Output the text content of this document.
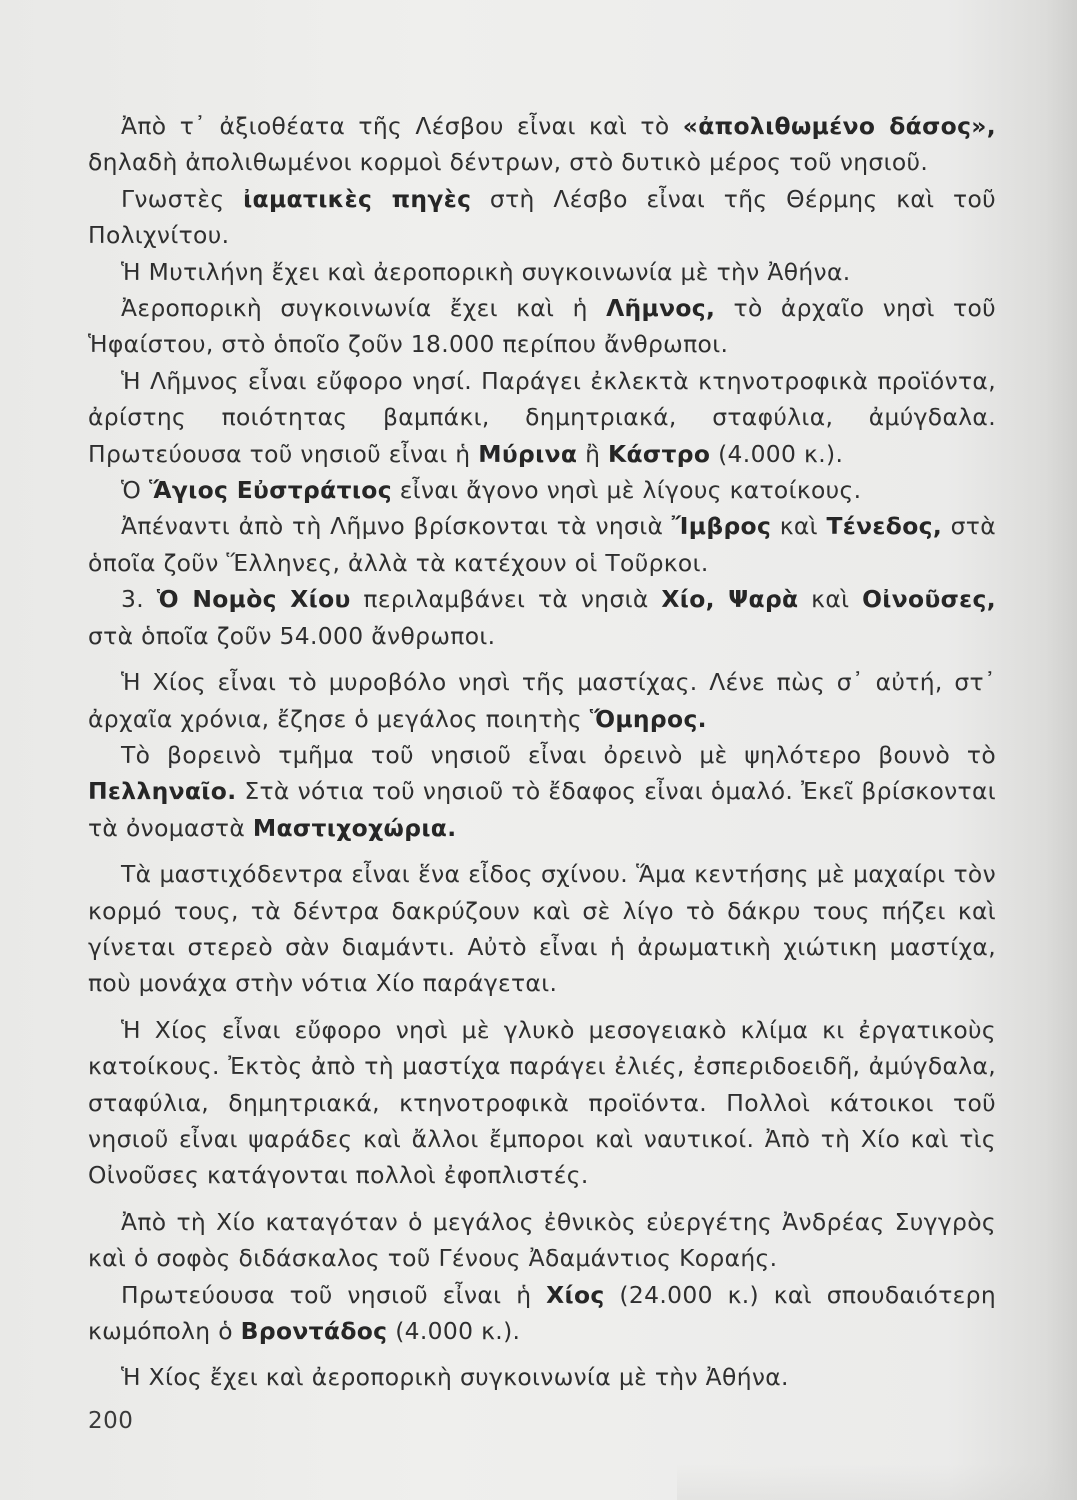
Ἀπὸ τ᾿ ἀξιοθέατα τῆς Λέσβου εἶναι καὶ τὸ «ἀπολιθωμένο δάσος», δηλαδὴ ἀπολιθωμένοι κορμοὶ δέντρων, στὸ δυτικὸ μέρος τοῦ νησιοῦ.

Γνωστὲς ἰαματικὲς πηγὲς στὴ Λέσβο εἶναι τῆς Θέρμης καὶ τοῦ Πολιχνίτου.

Ἡ Μυτιλήνη ἔχει καὶ ἀεροπορικὴ συγκοινωνία μὲ τὴν Ἀθήνα.

Ἀεροπορικὴ συγκοινωνία ἔχει καὶ ἡ Λῆμνος, τὸ ἀρχαῖο νησὶ τοῦ Ἡφαίστου, στὸ ὁποῖο ζοῦν 18.000 περίπου ἄνθρωποι.

Ἡ Λῆμνος εἶναι εὔφορο νησί. Παράγει ἐκλεκτὰ κτηνοτροφικὰ προϊόντα, ἀρίστης ποιότητας βαμπάκι, δημητριακά, σταφύλια, ἀμύγδαλα. Πρωτεύουσα τοῦ νησιοῦ εἶναι ἡ Μύρινα ἢ Κάστρο (4.000 κ.).

Ὁ Ἅγιος Εὐστράτιος εἶναι ἄγονο νησὶ μὲ λίγους κατοίκους.

Ἀπέναντι ἀπὸ τὴ Λῆμνο βρίσκονται τὰ νησιὰ Ἴμβρος καὶ Τένεδος, στὰ ὁποῖα ζοῦν Ἕλληνες, ἀλλὰ τὰ κατέχουν οἱ Τοῦρκοι.

3. Ὁ Νομὸς Χίου περιλαμβάνει τὰ νησιὰ Χίο, Ψαρὰ καὶ Οἰνοῦσες, στὰ ὁποῖα ζοῦν 54.000 ἄνθρωποι.

Ἡ Χίος εἶναι τὸ μυροβόλο νησὶ τῆς μαστίχας. Λένε πὼς σ᾿ αὐτή, στ᾿ ἀρχαῖα χρόνια, ἔζησε ὁ μεγάλος ποιητὴς Ὅμηρος.

Τὸ βορεινὸ τμῆμα τοῦ νησιοῦ εἶναι ὀρεινὸ μὲ ψηλότερο βουνὸ τὸ Πελληναῖο. Στὰ νότια τοῦ νησιοῦ τὸ ἔδαφος εἶναι ὁμαλό. Ἐκεῖ βρίσκονται τὰ ὀνομαστὰ Μαστιχοχώρια.

Τὰ μαστιχόδεντρα εἶναι ἕνα εἶδος σχίνου. Ἅμα κεντήσης μὲ μαχαίρι τὸν κορμό τους, τὰ δέντρα δακρύζουν καὶ σὲ λίγο τὸ δάκρυ τους πήζει καὶ γίνεται στερεὸ σὰν διαμάντι. Αὐτὸ εἶναι ἡ ἀρωματικὴ χιώτικη μαστίχα, ποὺ μονάχα στὴν νότια Χίο παράγεται.

Ἡ Χίος εἶναι εὔφορο νησὶ μὲ γλυκὸ μεσογειακὸ κλίμα κι ἐργατικοὺς κατοίκους. Ἐκτὸς ἀπὸ τὴ μαστίχα παράγει ἐλιές, ἐσπεριδοειδῆ, ἀμύγδαλα, σταφύλια, δημητριακά, κτηνοτροφικὰ προϊόντα. Πολλοὶ κάτοικοι τοῦ νησιοῦ εἶναι ψαράδες καὶ ἄλλοι ἔμποροι καὶ ναυτικοί. Ἀπὸ τὴ Χίο καὶ τὶς Οἰνοῦσες κατάγονται πολλοὶ ἐφοπλιστές.

Ἀπὸ τὴ Χίο καταγόταν ὁ μεγάλος ἐθνικὸς εὐεργέτης Ἀνδρέας Συγγρὸς καὶ ὁ σοφὸς διδάσκαλος τοῦ Γένους Ἀδαμάντιος Κοραής.

Πρωτεύουσα τοῦ νησιοῦ εἶναι ἡ Χίος (24.000 κ.) καὶ σπουδαιότερη κωμόπολη ὁ Βροντάδος (4.000 κ.).

Ἡ Χίος ἔχει καὶ ἀεροπορικὴ συγκοινωνία μὲ τὴν Ἀθήνα.

200
